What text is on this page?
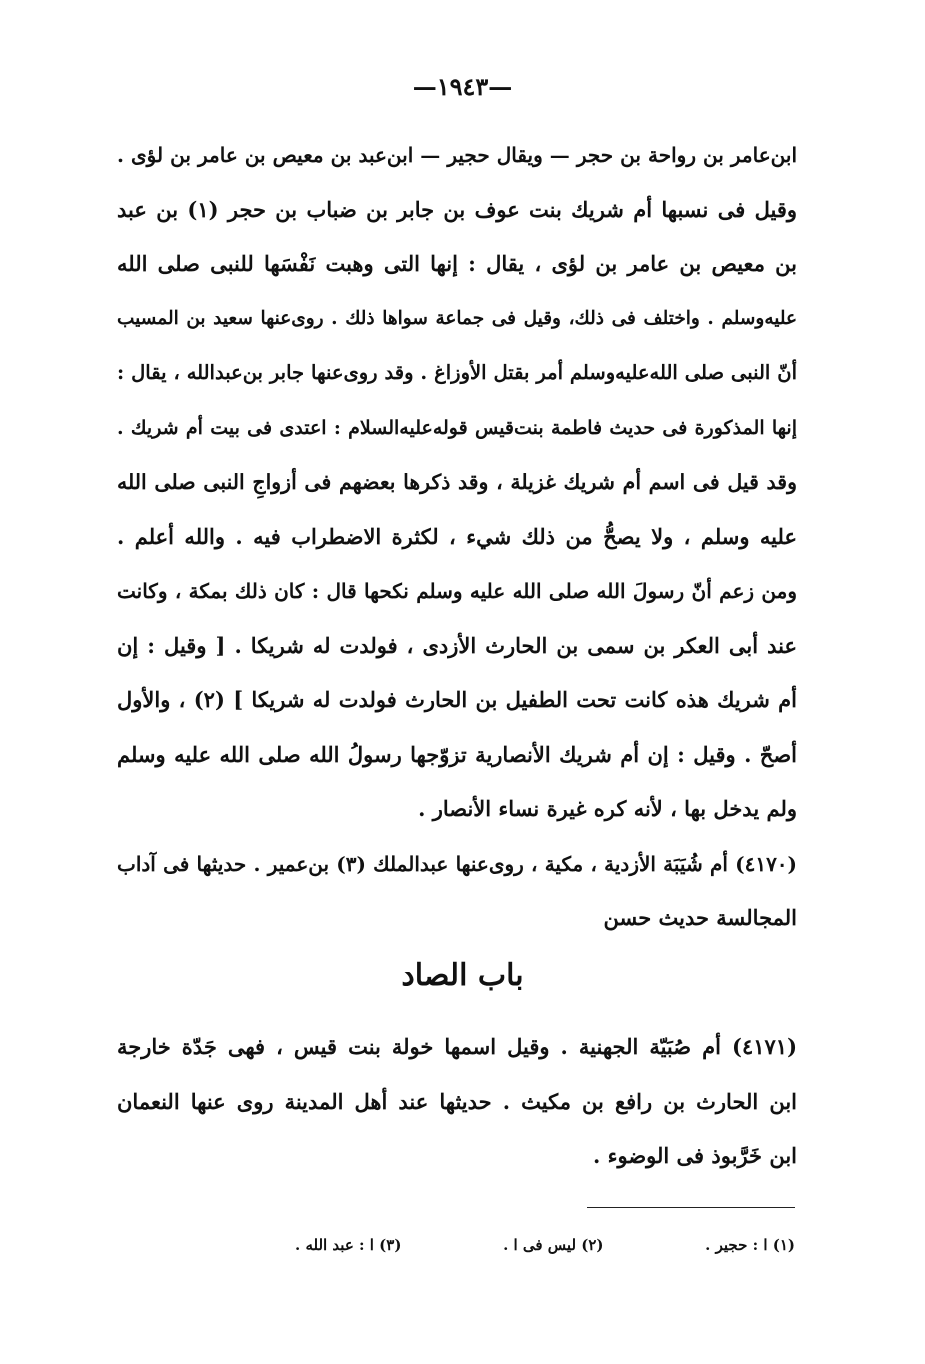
—١٩٤٣—
ابن‌عامر بن رواحة بن حجر — ويقال حجير — ابن‌عبد بن معيص بن عامر بن لؤى .
وقيل فى نسبها أم شريك بنت عوف بن جابر بن ضباب بن حجر (١) بن عبد
بن معيص بن عامر بن لؤى ، يقال : إنها التى وهبت نَفْسَها للنبى صلى الله
عليه‌وسلم . واختلف فى ذلك، وقيل فى جماعة سواها ذلك . روى‌عنها سعيد بن المسيب
أنّ النبى صلى الله‌عليه‌وسلم أمر بقتل الأوزاغ . وقد روى‌عنها جابر بن‌عبدالله ، يقال :
إنها المذكورة فى حديث فاطمة بنت‌قيس قوله‌عليه‌السلام : اعتدى فى بيت أم شريك .
وقد قيل فى اسم أم شريك غزيلة ، وقد ذكرها بعضهم فى أزواجِ النبى صلى الله
عليه وسلم ، ولا يصحُّ من ذلك شيء ، لكثرة الاضطراب فيه . والله أعلم .
ومن زعم أنّ رسولَ الله صلى الله عليه وسلم نكحها قال : كان ذلك بمكة ، وكانت
عند أبى العكر بن سمى بن الحارث الأزدى ، فولدت له شريكا . [ وقيل : إن
أم شريك هذه كانت تحت الطفيل بن الحارث فولدت له شريكا ] (٢) ، والأول
أصحّ . وقيل : إن أم شريك الأنصارية تزوّجها رسولُ الله صلى الله عليه وسلم
ولم يدخل بها ، لأنه كره غيرة نساء الأنصار .
(٤١٧٠) أم شُيَبَة الأزدية ، مكية ، روى‌عنها عبدالملك (٣) بن‌عمير . حديثها فى آداب
المجالسة حديث حسن
باب الصاد
(٤١٧١) أم صُبَيّة الجهنية . وقيل اسمها خولة بنت قيس ، فهى جَدّة خارجة
ابن الحارث بن رافع بن مكيث . حديثها عند أهل المدينة روى عنها النعمان
ابن خَرَّبوذ فى الوضوء .
(١) ا : حجير .
(٢) ليس فى ا .
(٣) ا : عبد الله .
